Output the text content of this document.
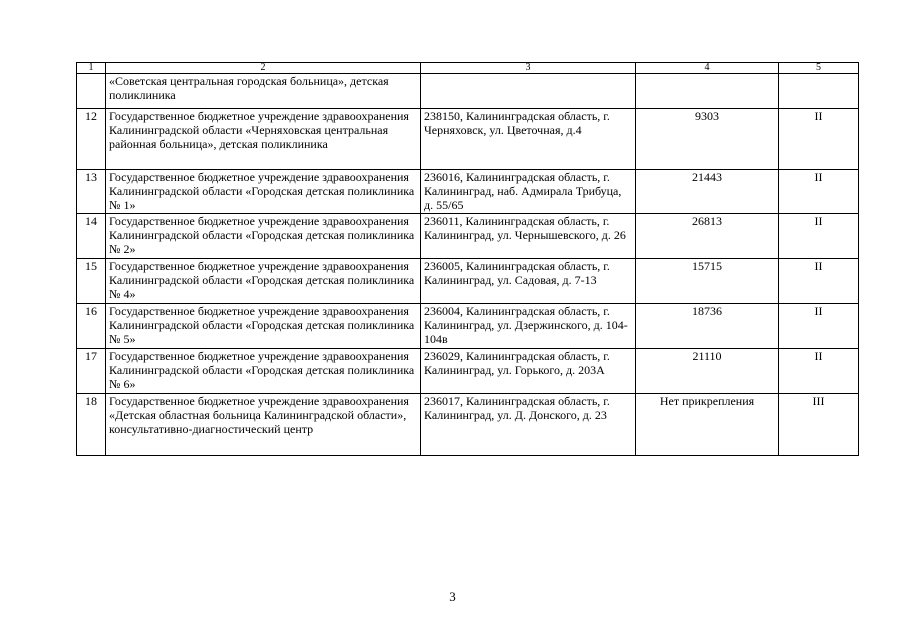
1	2	3	4	5
	«Советская центральная городская больница», детская поликлиника			
12	Государственное бюджетное учреждение здравоохранения Калининградской области «Черняховская центральная районная больница», детская поликлиника	238150, Калининградская область, г. Черняховск, ул. Цветочная, д.4	9303	II
13	Государственное бюджетное учреждение здравоохранения Калининградской области «Городская детская поликлиника № 1»	236016, Калининградская область, г. Калининград, наб. Адмирала Трибуца, д. 55/65	21443	II
14	Государственное бюджетное учреждение здравоохранения Калининградской области «Городская детская поликлиника № 2»	236011, Калининградская область, г. Калининград, ул. Чернышевского, д. 26	26813	II
15	Государственное бюджетное учреждение здравоохранения Калининградской области «Городская детская поликлиника № 4»	236005, Калининградская область, г. Калининград, ул. Садовая, д. 7-13	15715	II
16	Государственное бюджетное учреждение здравоохранения Калининградской области «Городская детская поликлиника № 5»	236004, Калининградская область, г. Калининград, ул. Дзержинского, д. 104-104в	18736	II
17	Государственное бюджетное учреждение здравоохранения Калининградской области «Городская детская поликлиника № 6»	236029, Калининградская область, г. Калининград, ул. Горького, д. 203А	21110	II
18	Государственное бюджетное учреждение здравоохранения «Детская областная больница Калининградской области», консультативно-диагностический центр	236017, Калининградская область, г. Калининград, ул. Д. Донского, д. 23	Нет прикрепления	III
3
